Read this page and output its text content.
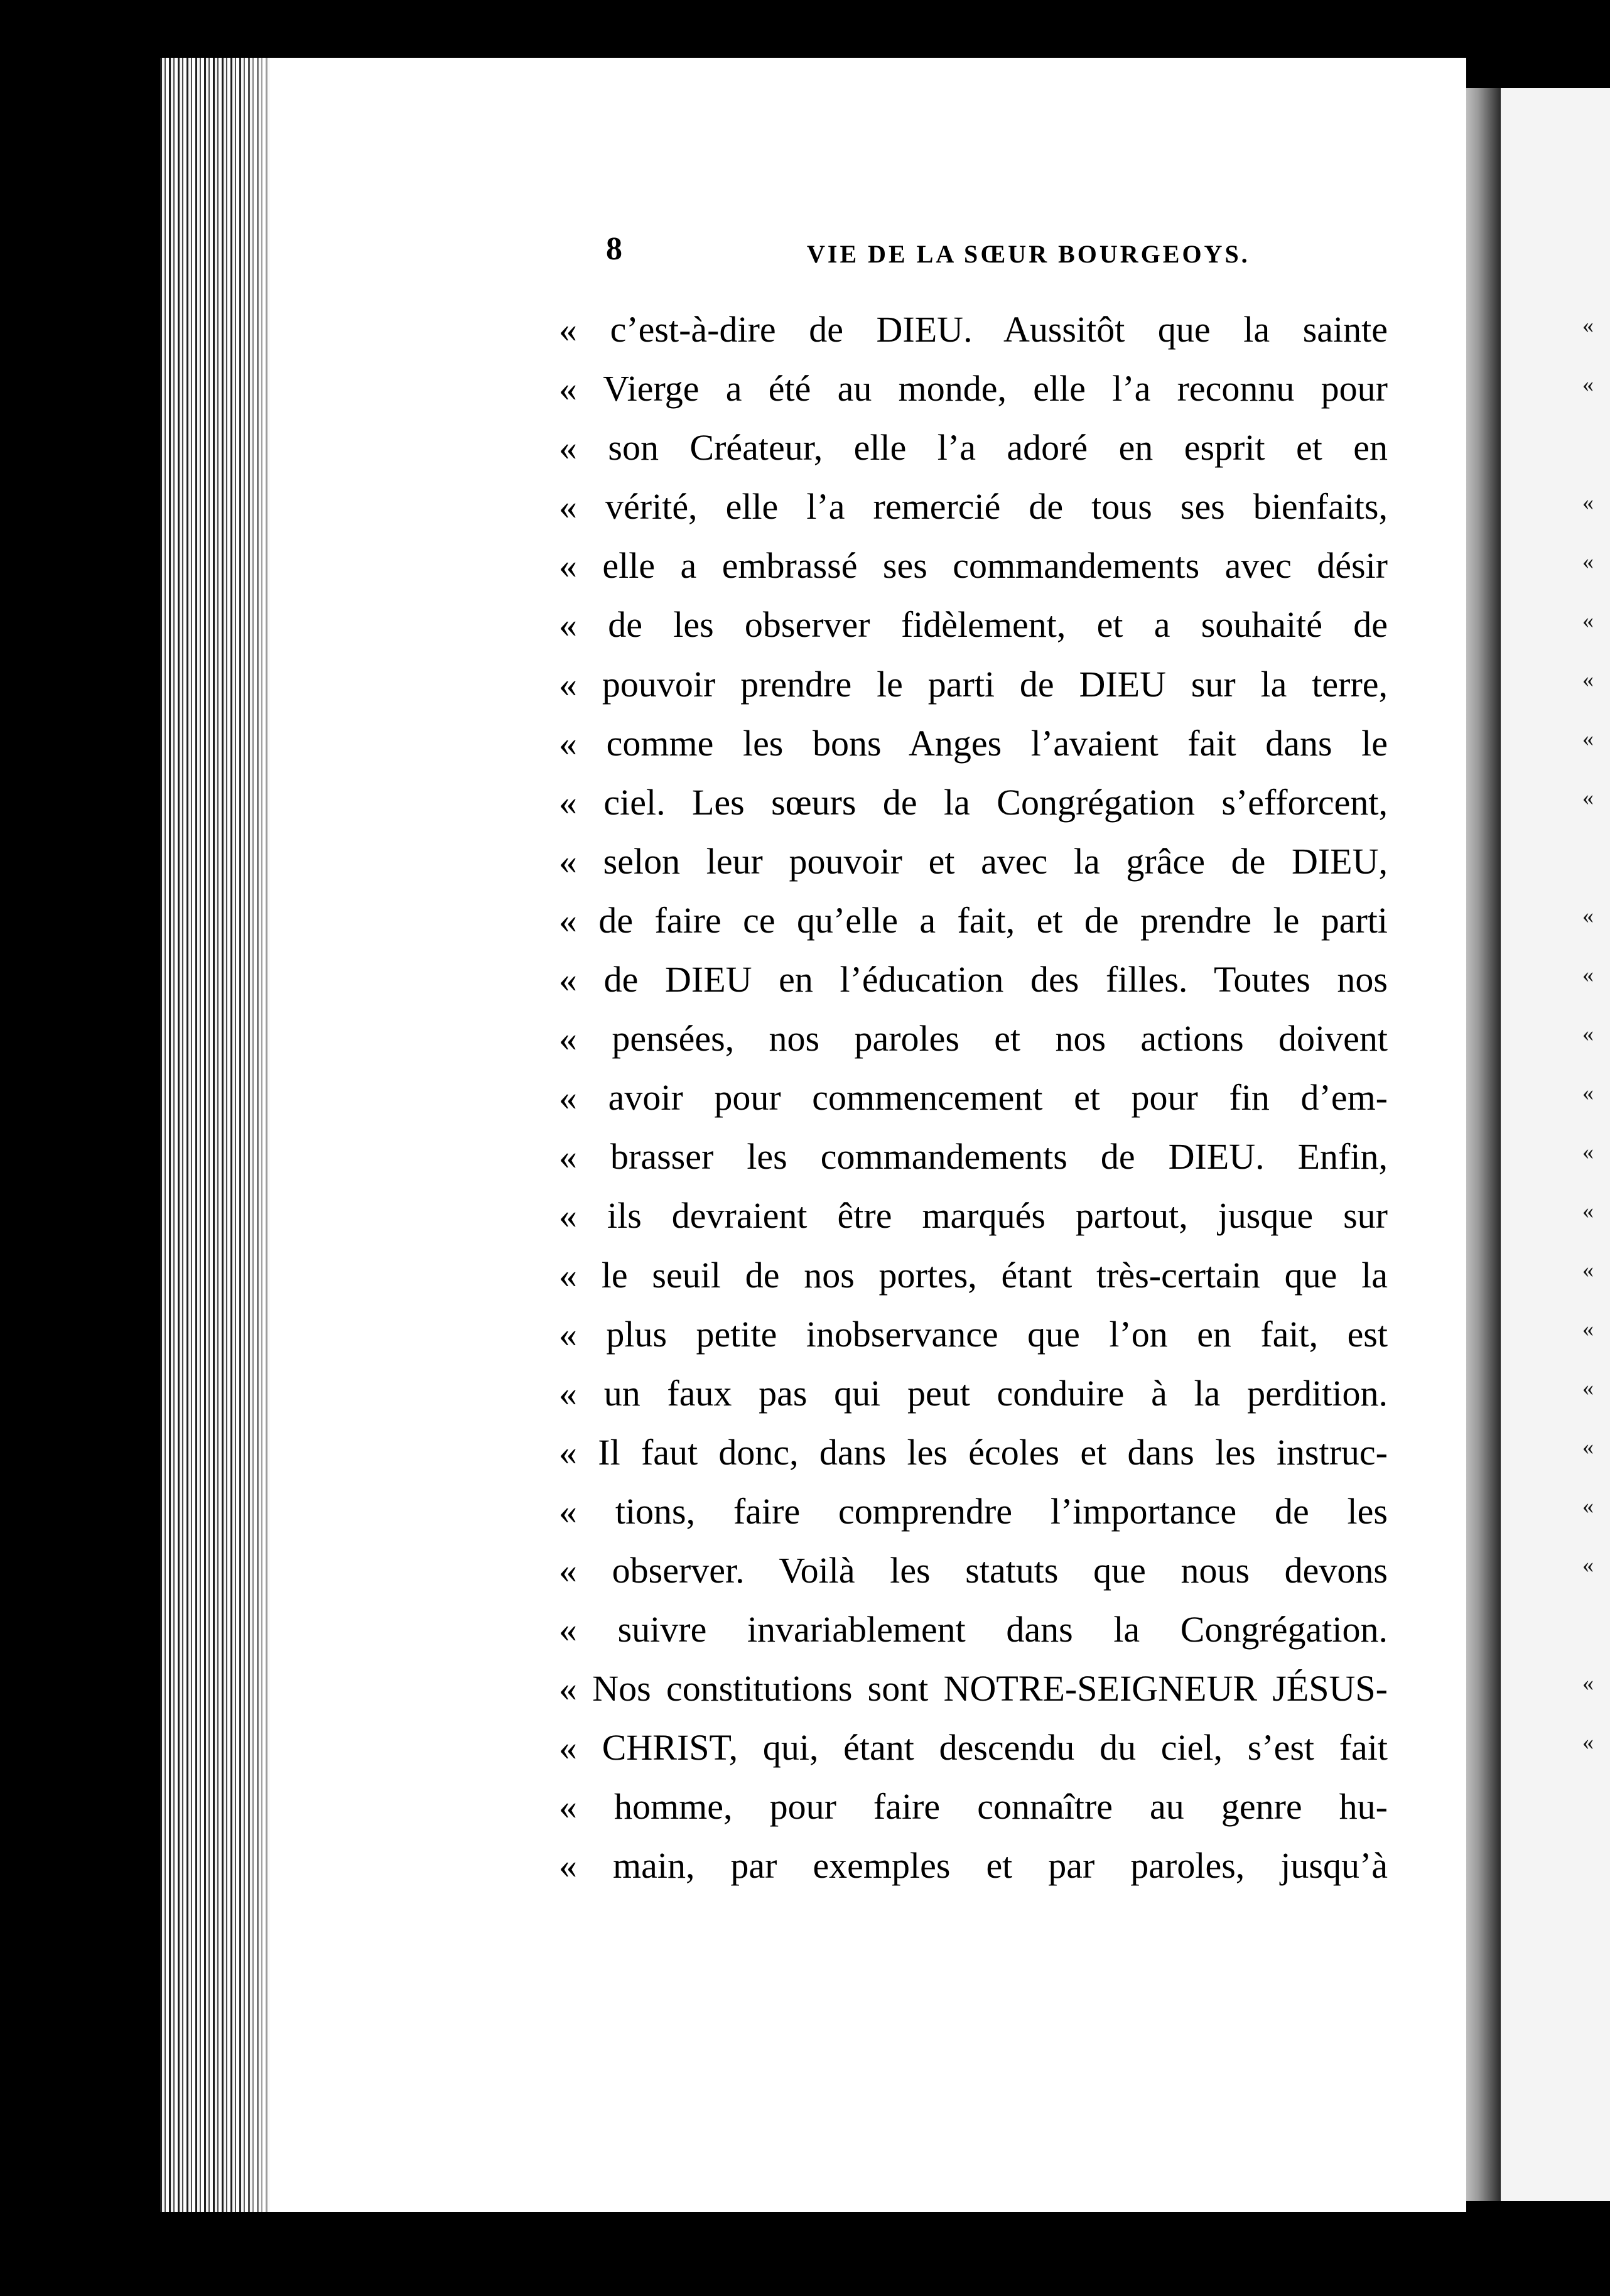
«
«
«
«
«
«
«
«
«
«
«
«
«
«
«
«
«
«
«
«
«
«
8	VIE DE LA SŒUR BOURGEOYS.
« c’est-à-dire de DIEU. Aussitôt que la sainte
« Vierge a été au monde, elle l’a reconnu pour
« son Créateur, elle l’a adoré en esprit et en
« vérité, elle l’a remercié de tous ses bienfaits,
« elle a embrassé ses commandements avec désir
« de les observer fidèlement, et a souhaité de
« pouvoir prendre le parti de DIEU sur la terre,
« comme les bons Anges l’avaient fait dans le
« ciel. Les sœurs de la Congrégation s’efforcent,
« selon leur pouvoir et avec la grâce de DIEU,
« de faire ce qu’elle a fait, et de prendre le parti
« de DIEU en l’éducation des filles. Toutes nos
« pensées, nos paroles et nos actions doivent
« avoir pour commencement et pour fin d’em-
« brasser les commandements de DIEU. Enfin,
« ils devraient être marqués partout, jusque sur
« le seuil de nos portes, étant très-certain que la
« plus petite inobservance que l’on en fait, est
« un faux pas qui peut conduire à la perdition.
« Il faut donc, dans les écoles et dans les instruc-
« tions, faire comprendre l’importance de les
« observer. Voilà les statuts que nous devons
« suivre invariablement dans la Congrégation.
« Nos constitutions sont NOTRE-SEIGNEUR JÉSUS-
« CHRIST, qui, étant descendu du ciel, s’est fait
« homme, pour faire connaître au genre hu-
« main, par exemples et par paroles, jusqu’à
